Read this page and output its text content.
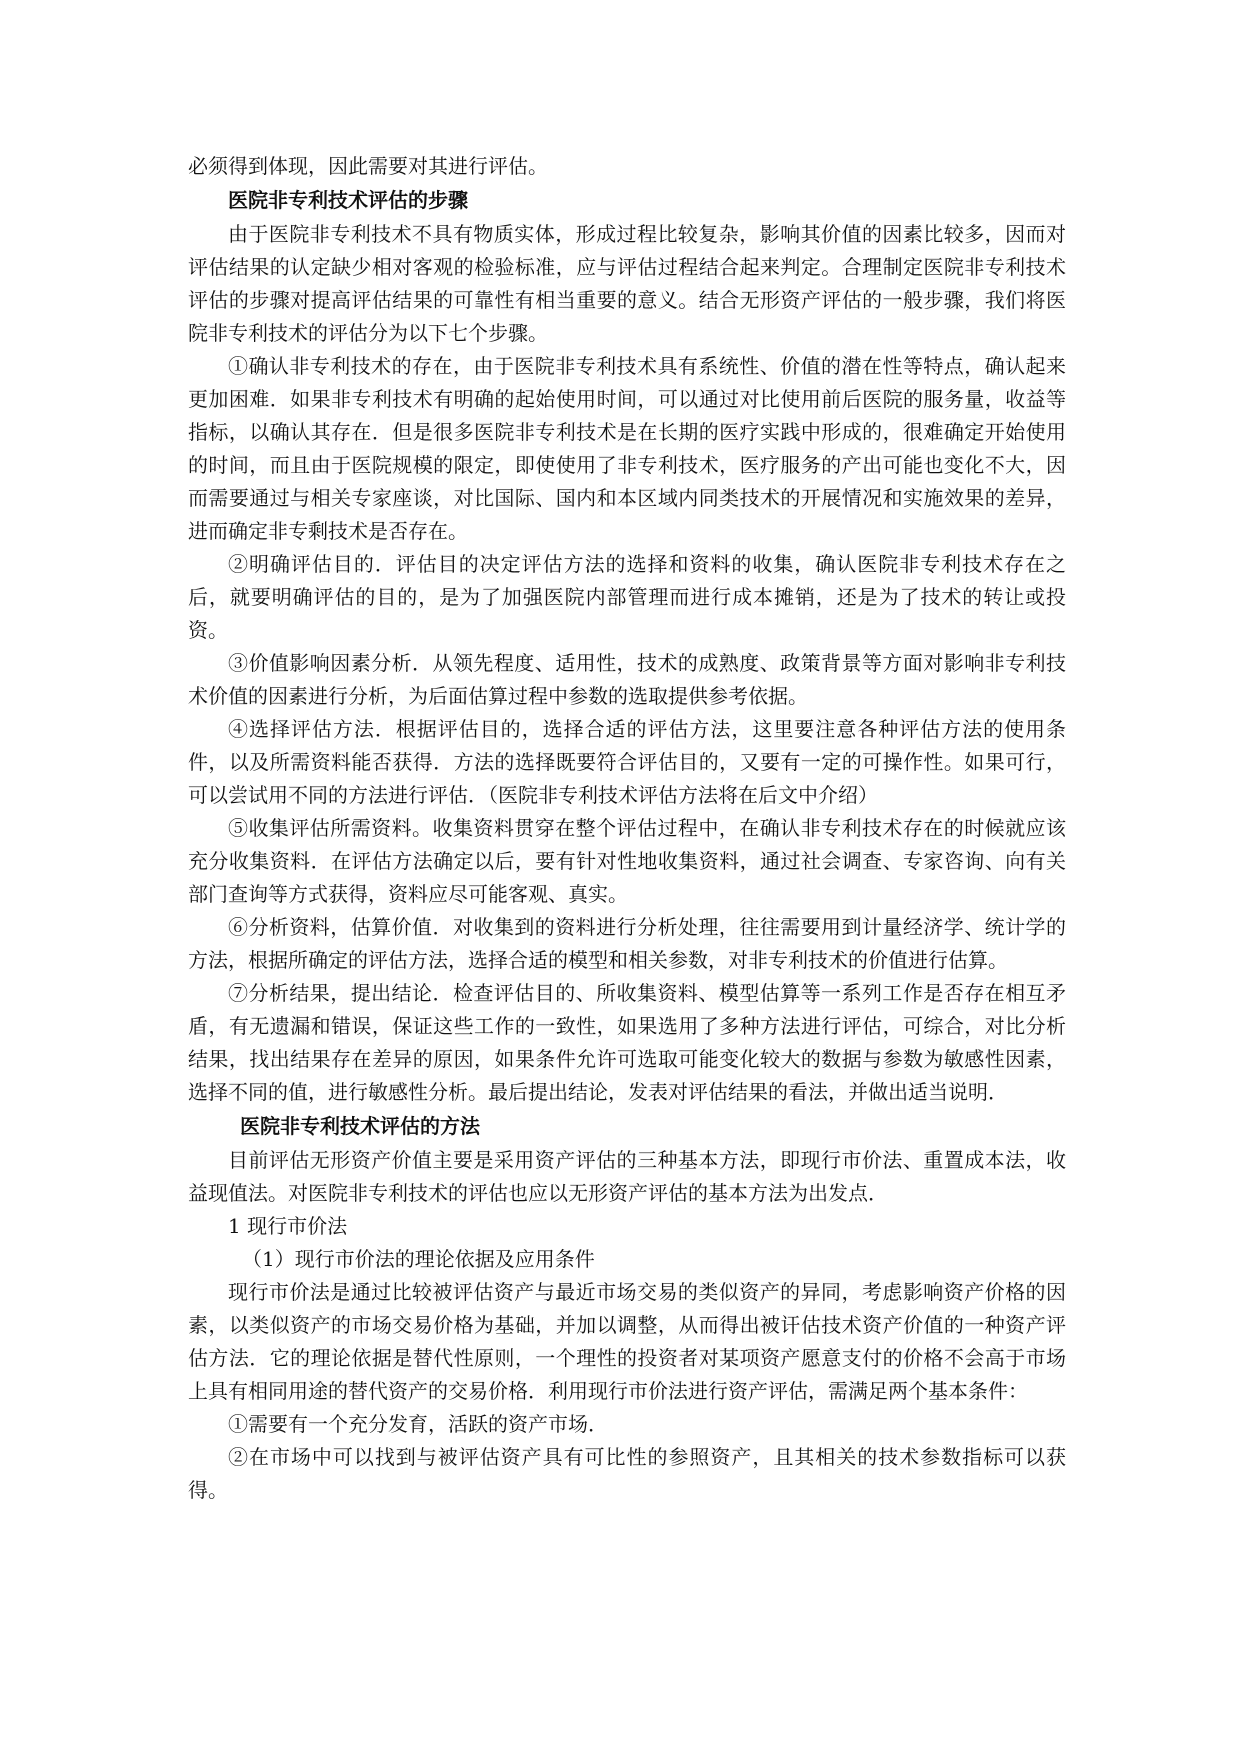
必须得到体现，因此需要对其进行评估。

医院非专利技术评估的步骤

由于医院非专利技术不具有物质实体，形成过程比较复杂，影响其价值的因素比较多，因而对评估结果的认定缺少相对客观的检验标准，应与评估过程结合起来判定。合理制定医院非专利技术评估的步骤对提高评估结果的可靠性有相当重要的意义。结合无形资产评估的一般步骤，我们将医院非专利技术的评估分为以下七个步骤。

①确认非专利技术的存在，由于医院非专利技术具有系统性、价值的潜在性等特点，确认起来更加困难．如果非专利技术有明确的起始使用时间，可以通过对比使用前后医院的服务量，收益等指标，以确认其存在．但是很多医院非专利技术是在长期的医疗实践中形成的，很难确定开始使用的时间，而且由于医院规模的限定，即使使用了非专利技术，医疗服务的产出可能也变化不大，因而需要通过与相关专家座谈，对比国际、国内和本区域内同类技术的开展情况和实施效果的差异，进而确定非专剩技术是否存在。

②明确评估目的．评估目的决定评估方法的选择和资料的收集，确认医院非专利技术存在之后，就要明确评估的目的，是为了加强医院内部管理而进行成本摊销，还是为了技术的转让或投资。

③价值影响因素分析．从领先程度、适用性，技术的成熟度、政策背景等方面对影响非专利技术价值的因素进行分析，为后面估算过程中参数的选取提供参考依据。

④选择评估方法．根据评估目的，选择合适的评估方法，这里要注意各种评估方法的使用条件，以及所需资料能否获得．方法的选择既要符合评估目的，又要有一定的可操作性。如果可行，可以尝试用不同的方法进行评估．（医院非专利技术评估方法将在后文中介绍）

⑤收集评估所需资料。收集资料贯穿在整个评估过程中，在确认非专利技术存在的时候就应该充分收集资料．在评估方法确定以后，要有针对性地收集资料，通过社会调查、专家咨询、向有关部门查询等方式获得，资料应尽可能客观、真实。

⑥分析资料，估算价值．对收集到的资料进行分析处理，往往需要用到计量经济学、统计学的方法，根据所确定的评估方法，选择合适的模型和相关参数，对非专利技术的价值进行估算。

⑦分析结果，提出结论．检查评估目的、所收集资料、模型估算等一系列工作是否存在相互矛盾，有无遗漏和错误，保证这些工作的一致性，如果选用了多种方法进行评估，可综合，对比分析结果，找出结果存在差异的原因，如果条件允许可选取可能变化较大的数据与参数为敏感性因素，选择不同的值，进行敏感性分析。最后提出结论，发表对评估结果的看法，并做出适当说明．

医院非专利技术评估的方法

目前评估无形资产价值主要是采用资产评估的三种基本方法，即现行市价法、重置成本法，收益现值法。对医院非专利技术的评估也应以无形资产评估的基本方法为出发点．

1 现行市价法

（1）现行市价法的理论依据及应用条件

现行市价法是通过比较被评估资产与最近市场交易的类似资产的异同，考虑影响资产价格的因素，以类似资产的市场交易价格为基础，并加以调整，从而得出被讦估技术资产价值的一种资产评估方法．它的理论依据是替代性原则，一个理性的投资者对某项资产愿意支付的价格不会高于市场上具有相同用途的替代资产的交易价格．利用现行市价法进行资产评估，需满足两个基本条件：

①需要有一个充分发育，活跃的资产市场．

②在市场中可以找到与被评估资产具有可比性的参照资产，且其相关的技术参数指标可以获得。
